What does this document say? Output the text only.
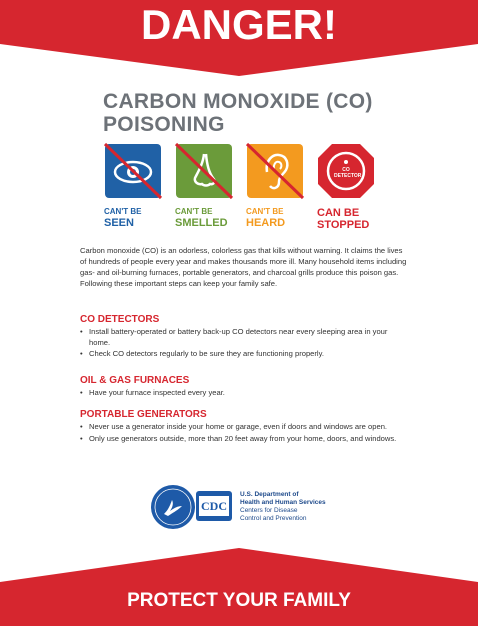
DANGER!
CARBON MONOXIDE (CO) POISONING
CO DETECTOR
CAN'T BE
SEEN
CAN'T BE
SMELLED
CAN'T BE
HEARD
CAN BE
STOPPED
Carbon monoxide (CO) is an odorless, colorless gas that kills without warning. It claims the lives of hundreds of people every year and makes thousands more ill. Many household items including gas- and oil-burning furnaces, portable generators, and charcoal grills produce this poison gas. Following these important steps can keep your family safe.
CO DETECTORS
• Install battery-operated or battery back-up CO detectors near every sleeping area in your home.
• Check CO detectors regularly to be sure they are functioning properly.
OIL & GAS FURNACES
• Have your furnace inspected every year.
PORTABLE GENERATORS
• Never use a generator inside your home or garage, even if doors and windows are open.
• Only use generators outside, more than 20 feet away from your home, doors, and windows.
CDC
U.S. Department of
Health and Human Services
Centers for Disease
Control and Prevention
PROTECT YOUR FAMILY
